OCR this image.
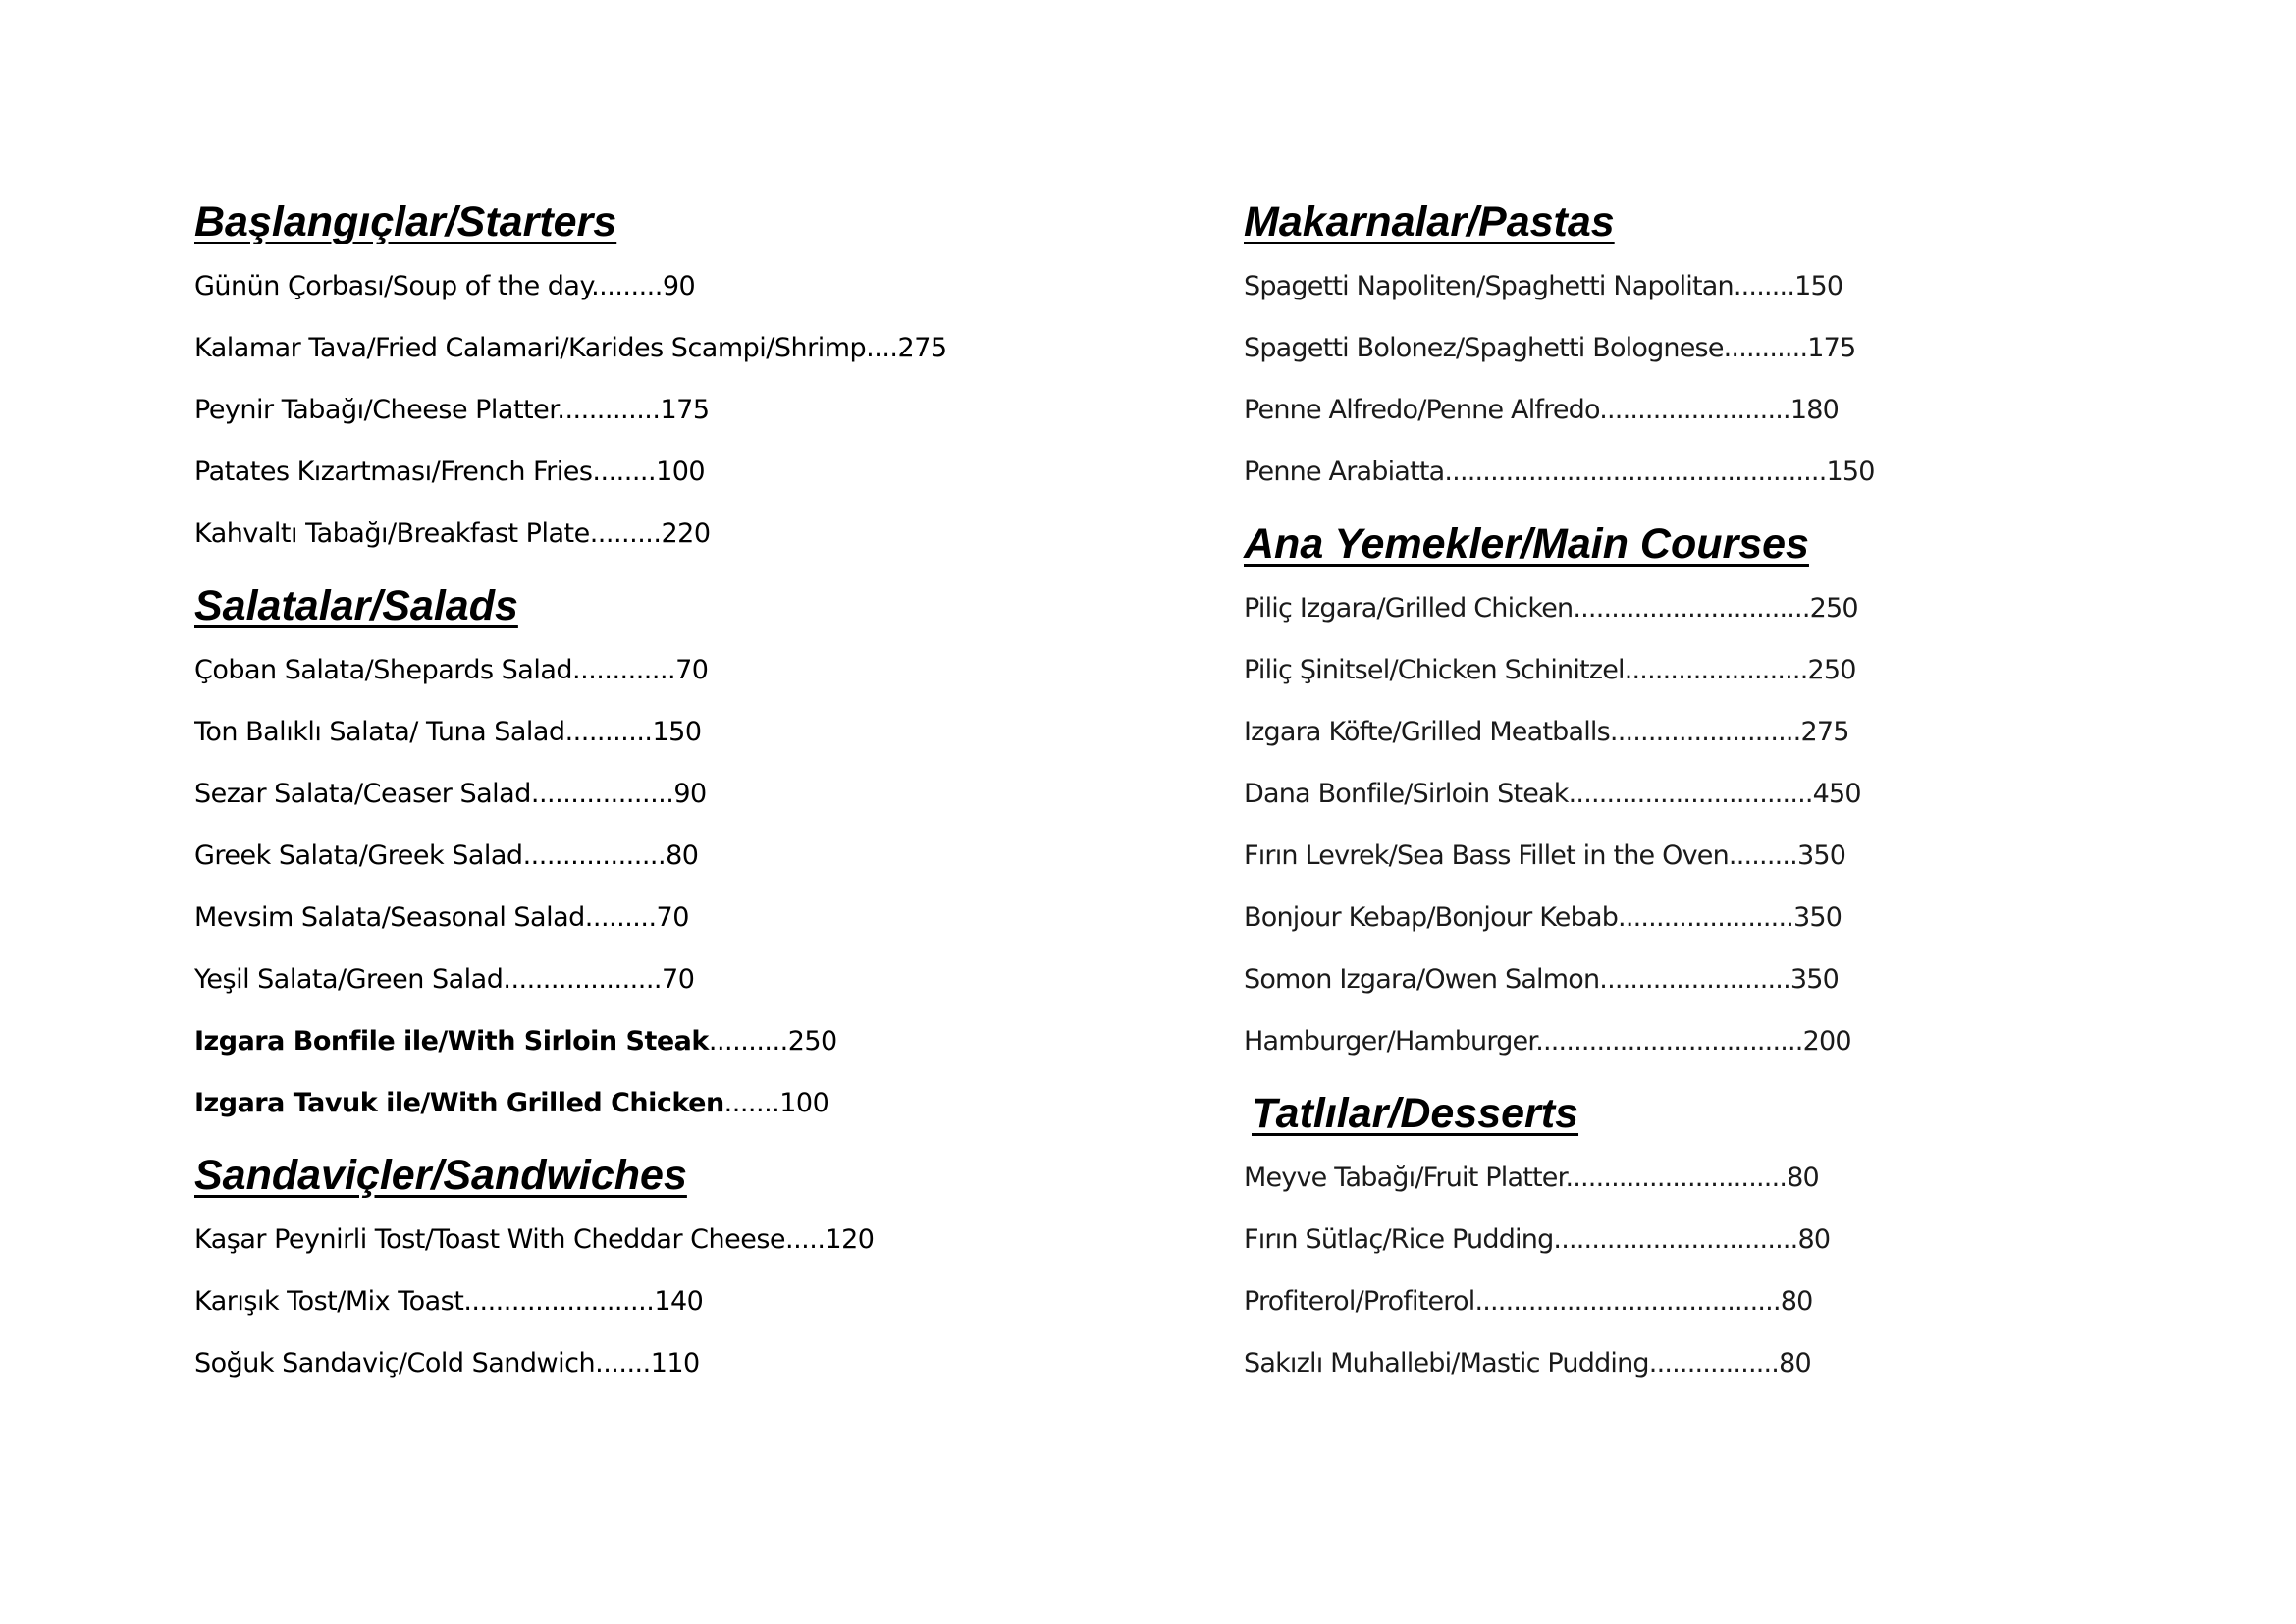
Başlangıçlar/Starters
Günün Çorbası/Soup of the day.........90
Kalamar Tava/Fried Calamari/Karides Scampi/Shrimp....275
Peynir Tabağı/Cheese Platter.............175
Patates Kızartması/French Fries........100
Kahvaltı Tabağı/Breakfast Plate.........220
Salatalar/Salads
Çoban Salata/Shepards Salad.............70
Ton Balıklı Salata/ Tuna Salad...........150
Sezar Salata/Ceaser Salad..................90
Greek Salata/Greek Salad..................80
Mevsim Salata/Seasonal Salad.........70
Yeşil Salata/Green Salad....................70
Izgara Bonfile ile/With Sirloin Steak..........250
Izgara Tavuk ile/With Grilled Chicken.......100
Sandaviçler/Sandwiches
Kaşar Peynirli Tost/Toast With Cheddar Cheese.....120
Karışık Tost/Mix Toast........................140
Soğuk Sandaviç/Cold Sandwich.......110
Makarnalar/Pastas
Spagetti Napoliten/Spaghetti Napolitan........150
Spagetti Bolonez/Spaghetti Bolognese...........175
Penne Alfredo/Penne Alfredo.........................180
Penne Arabiatta..................................................150
Ana Yemekler/Main Courses
Piliç Izgara/Grilled Chicken...............................250
Piliç Şinitsel/Chicken Schinitzel........................250
Izgara Köfte/Grilled Meatballs.........................275
Dana Bonfile/Sirloin Steak................................450
Fırın Levrek/Sea Bass Fillet in the Oven.........350
Bonjour Kebap/Bonjour Kebab.......................350
Somon Izgara/Owen Salmon.........................350
Hamburger/Hamburger...................................200
Tatlılar/Desserts
Meyve Tabağı/Fruit Platter.............................80
Fırın Sütlaç/Rice Pudding................................80
Profiterol/Profiterol........................................80
Sakızlı Muhallebi/Mastic Pudding.................80
